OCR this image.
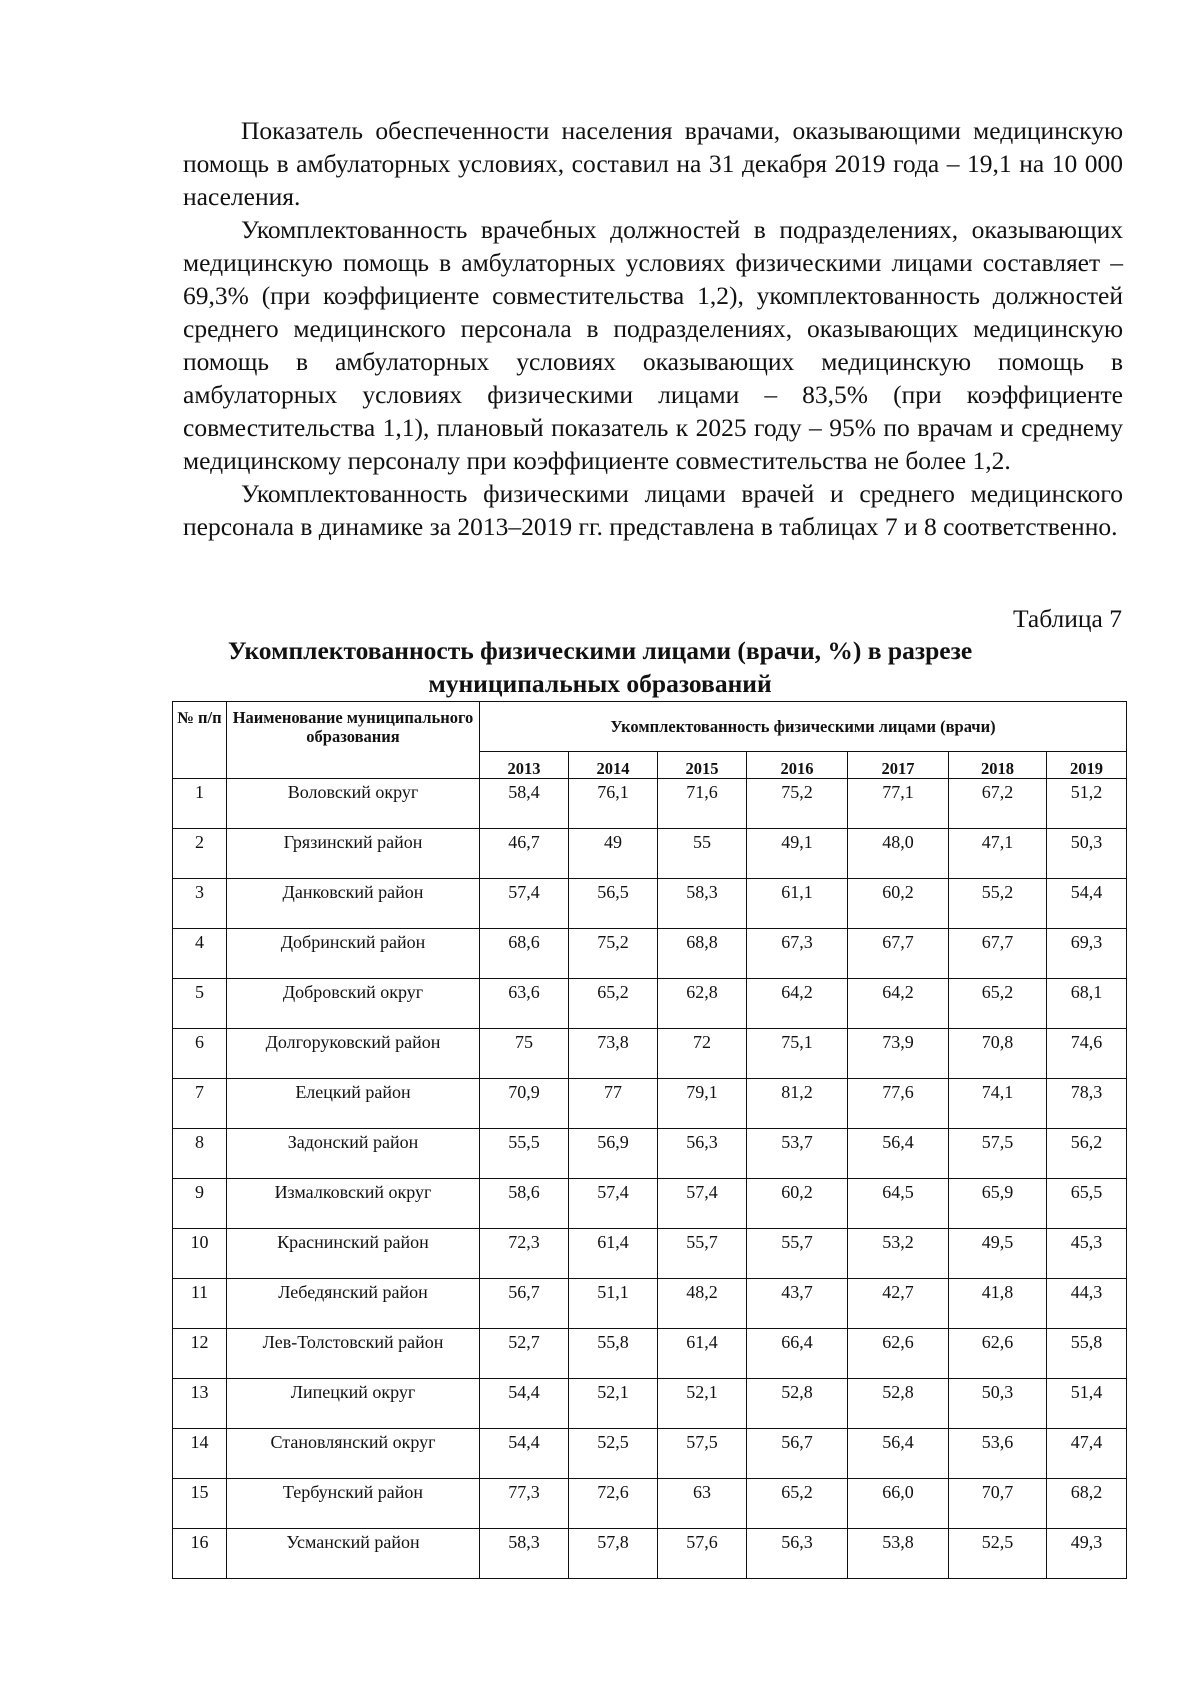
Показатель обеспеченности населения врачами, оказывающими медицинскую помощь в амбулаторных условиях, составил на 31 декабря 2019 года – 19,1 на 10 000 населения.

Укомплектованность врачебных должностей в подразделениях, оказывающих медицинскую помощь в амбулаторных условиях физическими лицами составляет – 69,3% (при коэффициенте совместительства 1,2), укомплектованность должностей среднего медицинского персонала в подразделениях, оказывающих медицинскую помощь в амбулаторных условиях оказывающих медицинскую помощь в амбулаторных условиях физическими лицами – 83,5% (при коэффициенте совместительства 1,1), плановый показатель к 2025 году – 95% по врачам и среднему медицинскому персоналу при коэффициенте совместительства не более 1,2.

Укомплектованность физическими лицами врачей и среднего медицинского персонала в динамике за 2013–2019 гг. представлена в таблицах 7 и 8 соответственно.

Таблица 7
Укомплектованность физическими лицами (врачи, %) в разрезе муниципальных образований
№ п/п	Наименование муниципального образования	Укомплектованность физическими лицами (врачи)						
		2013	2014	2015	2016	2017	2018	2019
1	Воловский округ	58,4	76,1	71,6	75,2	77,1	67,2	51,2
2	Грязинский район	46,7	49	55	49,1	48,0	47,1	50,3
3	Данковский район	57,4	56,5	58,3	61,1	60,2	55,2	54,4
4	Добринский район	68,6	75,2	68,8	67,3	67,7	67,7	69,3
5	Добровский округ	63,6	65,2	62,8	64,2	64,2	65,2	68,1
6	Долгоруковский район	75	73,8	72	75,1	73,9	70,8	74,6
7	Елецкий район	70,9	77	79,1	81,2	77,6	74,1	78,3
8	Задонский район	55,5	56,9	56,3	53,7	56,4	57,5	56,2
9	Измалковский округ	58,6	57,4	57,4	60,2	64,5	65,9	65,5
10	Краснинский район	72,3	61,4	55,7	55,7	53,2	49,5	45,3
11	Лебедянский район	56,7	51,1	48,2	43,7	42,7	41,8	44,3
12	Лев-Толстовский район	52,7	55,8	61,4	66,4	62,6	62,6	55,8
13	Липецкий округ	54,4	52,1	52,1	52,8	52,8	50,3	51,4
14	Становлянский округ	54,4	52,5	57,5	56,7	56,4	53,6	47,4
15	Тербунский район	77,3	72,6	63	65,2	66,0	70,7	68,2
16	Усманский район	58,3	57,8	57,6	56,3	53,8	52,5	49,3
